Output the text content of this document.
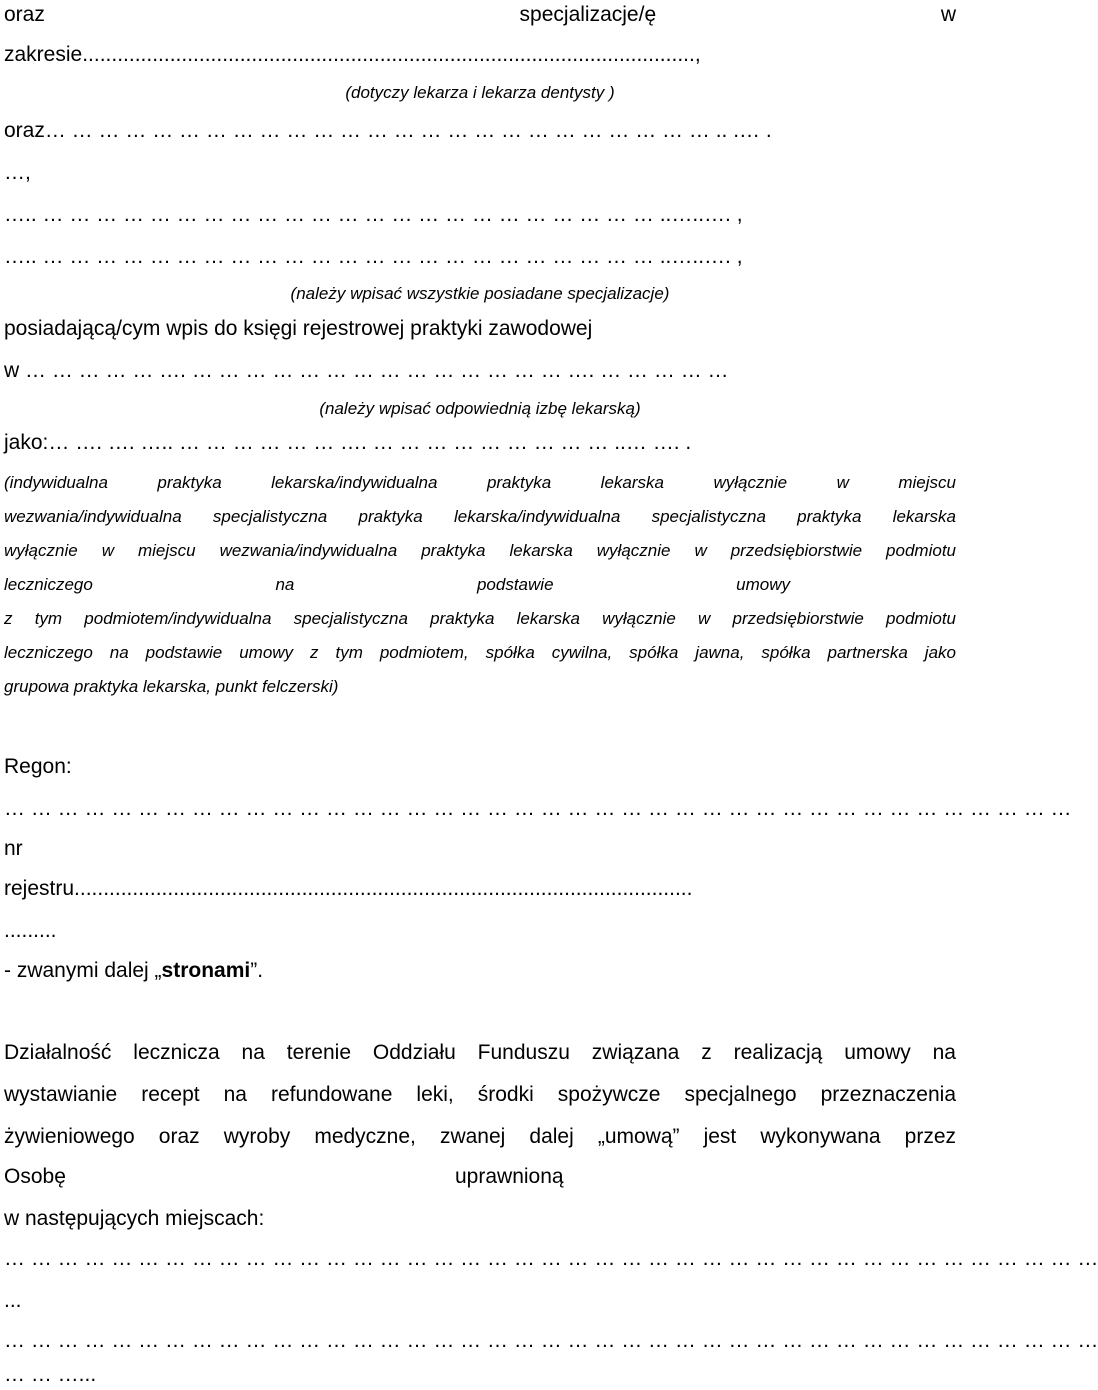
oraz	specjalizacje/ę	w
zakresie.........................................................................................................,
(dotyczy lekarza i lekarza dentysty )
oraz… … … … … … … … … … … … … … … … … … … … … … … … … .. .… .
…,
….. … … … … … … … … … … … … … … … … … … … … … … … ..…..…. ,
….. … … … … … … … … … … … … … … … … … … … … … … … ..…..…. ,
(należy wpisać wszystkie posiadane specjalizacje)
posiadającą/cym wpis do księgi rejestrowej praktyki zawodowej
w … … … … … …. … … … … … … … … … … … … … … …. … … … … …
(należy wpisać odpowiednią izbę lekarską)
jako:… …. …. ….. … … … … … … …. … … … … … … … … … ..… …. .
(indywidualna praktyka lekarska/indywidualna praktyka lekarska wyłącznie w miejscu
wezwania/indywidualna specjalistyczna praktyka lekarska/indywidualna specjalistyczna praktyka lekarska
wyłącznie w miejscu wezwania/indywidualna praktyka lekarska wyłącznie w przedsiębiorstwie podmiotu
leczniczego	na	podstawie	umowy
z tym podmiotem/indywidualna specjalistyczna praktyka lekarska wyłącznie w przedsiębiorstwie podmiotu
leczniczego na podstawie umowy z tym podmiotem, spółka cywilna, spółka jawna, spółka partnerska jako
grupowa praktyka lekarska, punkt felczerski)
Regon:
… … … … … … … … … … … … … … … … … … … … … … … … … … … … … … … … … … … … … … … …
nr
rejestru..........................................................................................................
.........
- zwanymi dalej „stronami”.
Działalność lecznicza na terenie Oddziału Funduszu związana z realizacją umowy na
wystawianie recept na refundowane leki, środki spożywcze specjalnego przeznaczenia
żywieniowego oraz wyroby medyczne, zwanej dalej „umową” jest wykonywana przez
Osobę	uprawnioną
w następujących miejscach:
… … … … … … … … … … … … … … … … … … … … … … … … … … … … … … … … … … … … … … … … …
...
… … … … … … … … … … … … … … … … … … … … … … … … … … … … … … … … … … … … … … … … …
… … …...
